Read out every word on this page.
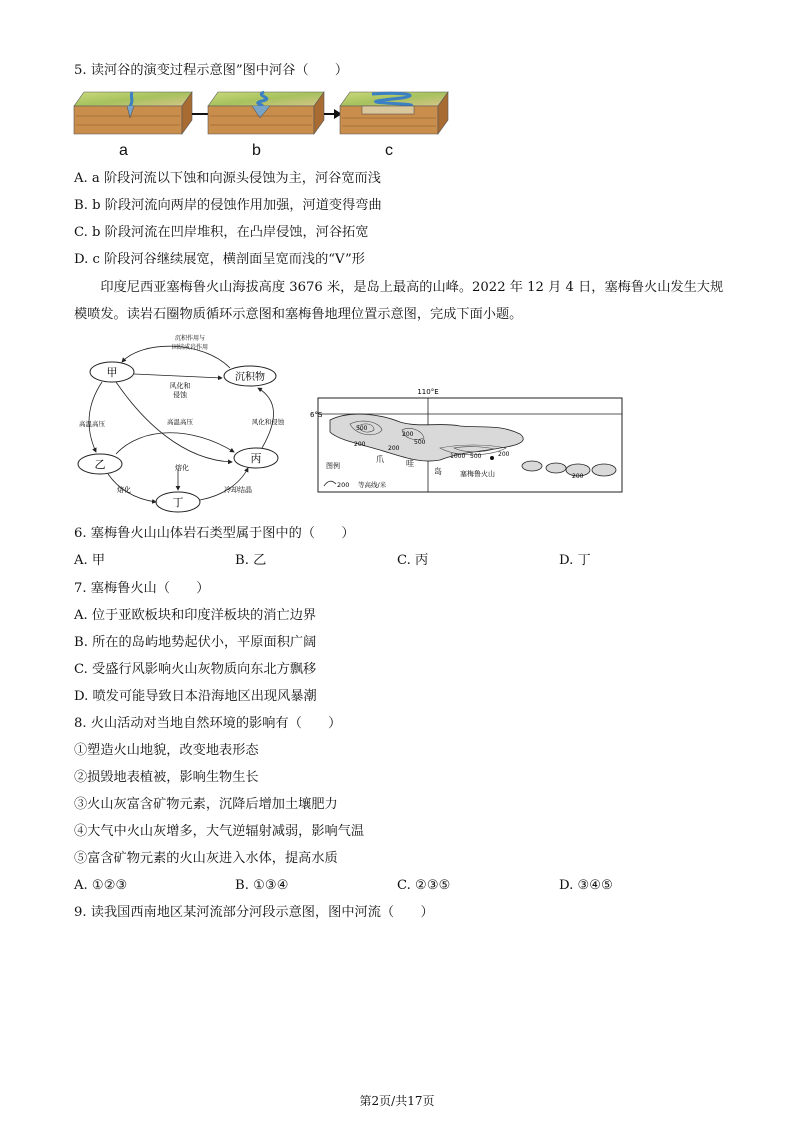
5. 读河谷的演变过程示意图”图中河谷（　　）
a	b	c
A. a 阶段河流以下蚀和向源头侵蚀为主，河谷宽而浅
B. b 阶段河流向两岸的侵蚀作用加强，河道变得弯曲
C. b 阶段河流在凹岸堆积，在凸岸侵蚀，河谷拓宽
D. c 阶段河谷继续展宽，横剖面呈宽而浅的“V”形
印度尼西亚塞梅鲁火山海拔高度 3676 米，是岛上最高的山峰。2022 年 12 月 4 日，塞梅鲁火山发生大规模喷发。读岩石圈物质循环示意图和塞梅鲁地理位置示意图，完成下面小题。
甲	沉积物
乙	丙
丁
沉积作用与
固结成岩作用
风化和
侵蚀
风化和侵蚀
高温高压	高温高压
熔化
熔化	冷却结晶
110°E
6°S
500
200
200
500
200
1000 500	200
200
爪	哇
岛	塞梅鲁火山
图例
200 等高线/米
6. 塞梅鲁火山山体岩石类型属于图中的（　　）
A. 甲	B. 乙	C. 丙	D. 丁
7. 塞梅鲁火山（　　）
A. 位于亚欧板块和印度洋板块的消亡边界
B. 所在的岛屿地势起伏小，平原面积广阔
C. 受盛行风影响火山灰物质向东北方飘移
D. 喷发可能导致日本沿海地区出现风暴潮
8. 火山活动对当地自然环境的影响有（　　）
①塑造火山地貌，改变地表形态
②损毁地表植被，影响生物生长
③火山灰富含矿物元素，沉降后增加土壤肥力
④大气中火山灰增多，大气逆辐射减弱，影响气温
⑤富含矿物元素的火山灰进入水体，提高水质
A. ①②③	B. ①③④	C. ②③⑤	D. ③④⑤
9. 读我国西南地区某河流部分河段示意图，图中河流（　　）
第2页/共17页
